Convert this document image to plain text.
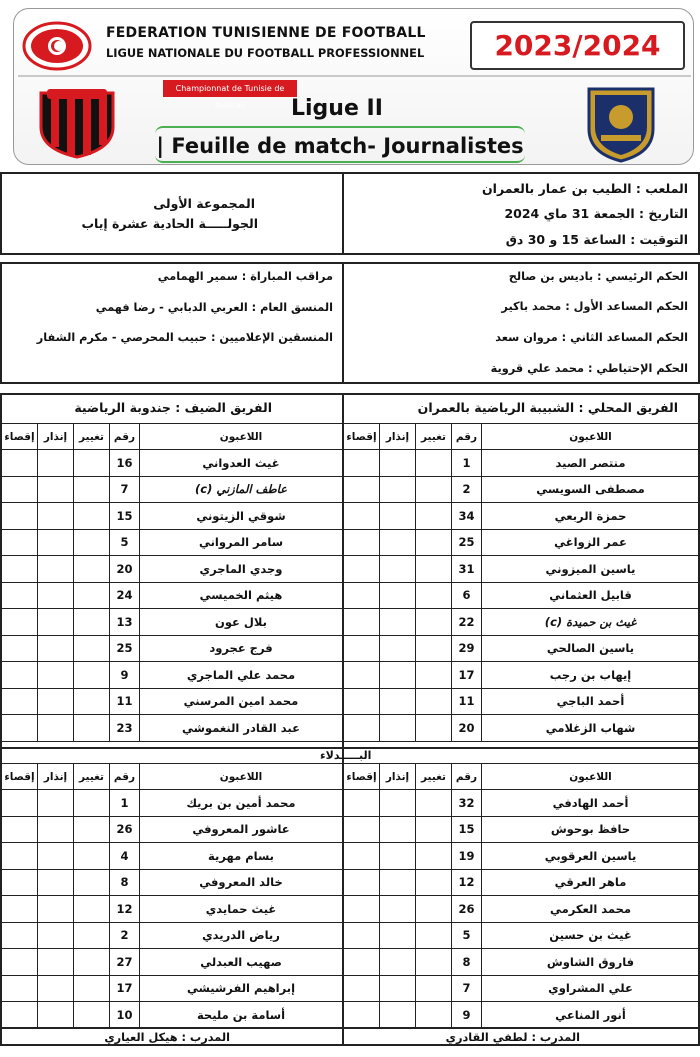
FEDERATION TUNISIENNE DE FOOTBALL
LIGUE NATIONALE DU FOOTBALL PROFESSIONNEL	2023/2024
Championnat de Tunisie de football	Ligue II
| Feuille de match- Journalistes
الملعب : الطيب بن عمار بالعمران
التاريخ : الجمعة 31 ماي 2024
التوقيت : الساعة 15 و 30 دق
المجموعة الأولى
الجولـــــة الحادية عشرة إياب
الحكم الرئيسي : باديس بن صالح
الحكم المساعد الأول : محمد باكير
الحكم المساعد الثاني : مروان سعد
الحكم الإحتياطي : محمد علي قروية
مراقب المباراة : سمير الهمامي
المنسق العام : العربي الدبابي - رضا فهمي
المنسقين الإعلاميين : حبيب المحرصي - مكرم الشفار
الفريق المحلي : الشبيبة الرياضية بالعمران
الفريق الضيف : جندوبة الرياضية
اللاعبون	رقم	تغيير	إنذار	إقصاء
منتصر الصيد	1			
مصطفى السويسي	2			
حمزة الربعي	34			
عمر الزواغي	25			
ياسين الميزوني	31			
قابيل العثماني	6			
غيث بن حميدة (c)	22			
ياسين الصالحي	29			
إيهاب بن رجب	17			
أحمد الباجي	11			
شهاب الزغلامي	20			
اللاعبون	رقم	تغيير	إنذار	إقصاء
غيث العدواني	16			
عاطف المازني (c)	7			
شوقي الزيتوني	15			
سامر المرواني	5			
وجدي الماجري	20			
هيثم الخميسي	24			
بلال عون	13			
فرج عجرود	25			
محمد علي الماجري	9			
محمد امين المرسني	11			
عبد القادر النغموشي	23			
البـــــدلاء
اللاعبون	رقم	تغيير	إنذار	إقصاء
أحمد الهادفي	32			
حافظ بوحوش	15			
ياسين العرقوبي	19			
ماهر العرقي	12			
محمد العكرمي	26			
غيث بن حسين	5			
فاروق الشاوش	8			
علي المشراوي	7			
أنور المناعي	9			
اللاعبون	رقم	تغيير	إنذار	إقصاء
محمد أمين بن بريك	1			
عاشور المعروفي	26			
بسام مهرية	4			
خالد المعروفي	8			
غيث حمايدي	12			
رياض الدريدي	2			
صهيب العبدلي	27			
إبراهيم الفرشيشي	17			
أسامة بن مليحة	10			
المدرب : لطفي القادري
المدرب : هيكل العياري
